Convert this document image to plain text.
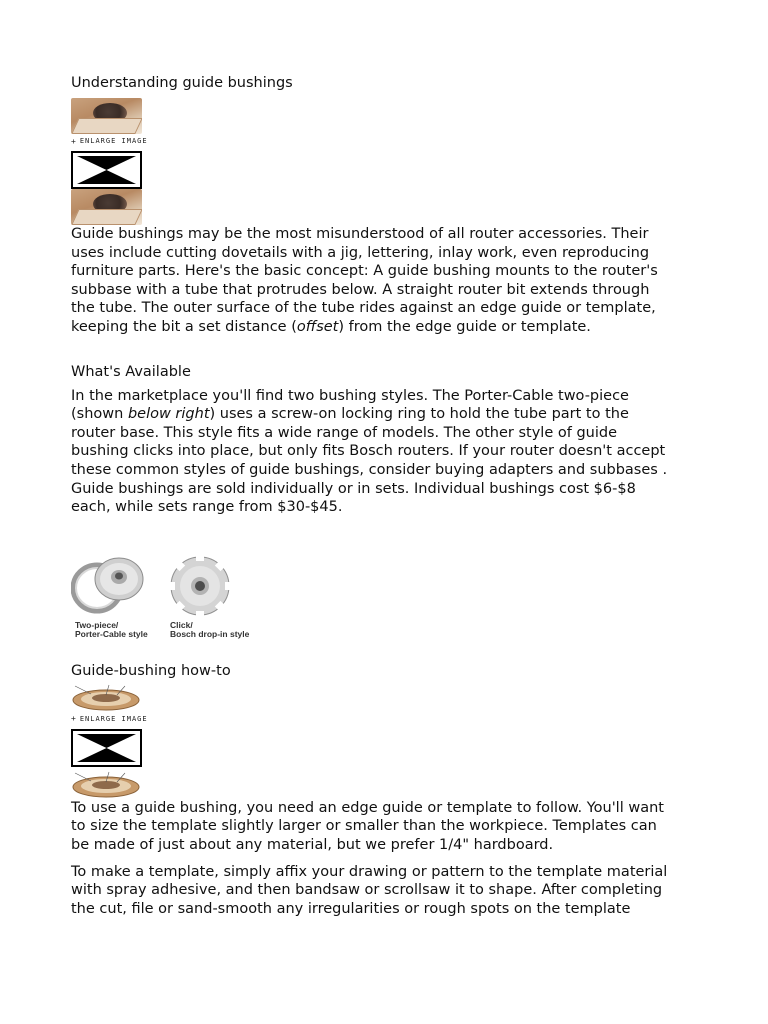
Understanding guide bushings
+ ENLARGE IMAGE

Guide bushings may be the most misunderstood of all router accessories. Their
uses include cutting dovetails with a jig, lettering, inlay work, even reproducing
furniture parts. Here's the basic concept: A guide bushing mounts to the router's
subbase with a tube that protrudes below. A straight router bit extends through
the tube. The outer surface of the tube rides against an edge guide or template,
keeping the bit a set distance (offset) from the edge guide or template.

What's Available

In the marketplace you'll find two bushing styles. The Porter-Cable two-piece
(shown below right) uses a screw-on locking ring to hold the tube part to the
router base. This style fits a wide range of models. The other style of guide
bushing clicks into place, but only fits Bosch routers. If your router doesn't accept
these common styles of guide bushings, consider buying adapters and subbases .
Guide bushings are sold individually or in sets. Individual bushings cost $6-$8
each, while sets range from $30-$45.

Two-piece/
Porter-Cable style
Click/
Bosch drop-in style
Guide-bushing how-to
+ ENLARGE IMAGE

To use a guide bushing, you need an edge guide or template to follow. You'll want
to size the template slightly larger or smaller than the workpiece. Templates can
be made of just about any material, but we prefer 1/4" hardboard.

To make a template, simply affix your drawing or pattern to the template material
with spray adhesive, and then bandsaw or scrollsaw it to shape. After completing
the cut, file or sand-smooth any irregularities or rough spots on the template
